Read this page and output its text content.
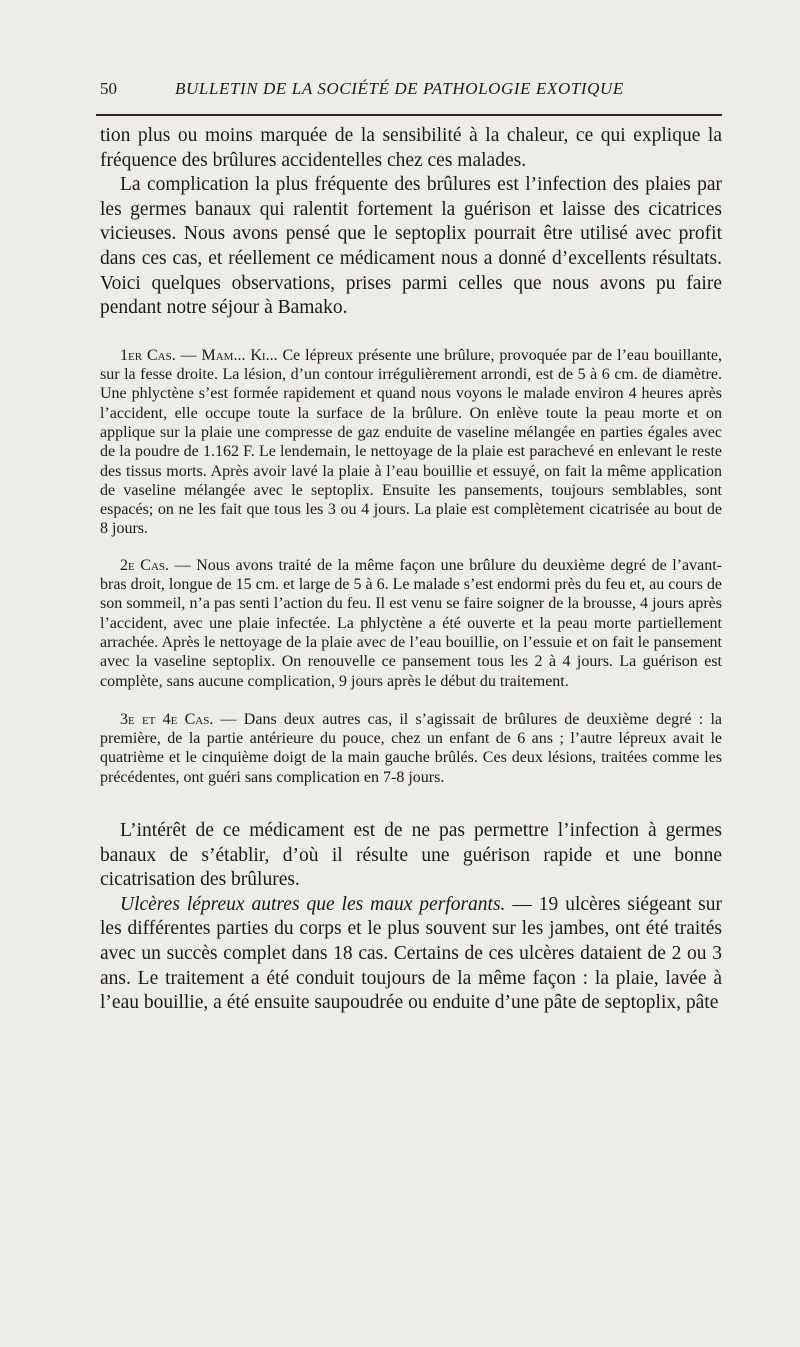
50	BULLETIN DE LA SOCIÉTÉ DE PATHOLOGIE EXOTIQUE

tion plus ou moins marquée de la sensibilité à la chaleur, ce qui explique la fréquence des brûlures accidentelles chez ces malades.

La complication la plus fréquente des brûlures est l’infection des plaies par les germes banaux qui ralentit fortement la guérison et laisse des cicatrices vicieuses. Nous avons pensé que le septoplix pourrait être utilisé avec profit dans ces cas, et réellement ce médicament nous a donné d’excellents résultats. Voici quelques observations, prises parmi celles que nous avons pu faire pendant notre séjour à Bamako.

1er Cas. — Mam... Ki... Ce lépreux présente une brûlure, provoquée par de l’eau bouillante, sur la fesse droite. La lésion, d’un contour irrégulièrement arrondi, est de 5 à 6 cm. de diamètre. Une phlyctène s’est formée rapidement et quand nous voyons le malade environ 4 heures après l’accident, elle occupe toute la surface de la brûlure. On enlève toute la peau morte et on applique sur la plaie une compresse de gaz enduite de vaseline mélangée en parties égales avec de la poudre de 1.162 F. Le lendemain, le nettoyage de la plaie est parachevé en enlevant le reste des tissus morts. Après avoir lavé la plaie à l’eau bouillie et essuyé, on fait la même application de vaseline mélangée avec le septoplix. Ensuite les pansements, toujours semblables, sont espacés; on ne les fait que tous les 3 ou 4 jours. La plaie est complètement cicatrisée au bout de 8 jours.

2e Cas. — Nous avons traité de la même façon une brûlure du deuxième degré de l’avant-bras droit, longue de 15 cm. et large de 5 à 6. Le malade s’est endormi près du feu et, au cours de son sommeil, n’a pas senti l’action du feu. Il est venu se faire soigner de la brousse, 4 jours après l’accident, avec une plaie infectée. La phlyctène a été ouverte et la peau morte partiellement arrachée. Après le nettoyage de la plaie avec de l’eau bouillie, on l’essuie et on fait le pansement avec la vaseline septoplix. On renouvelle ce pansement tous les 2 à 4 jours. La guérison est complète, sans aucune complication, 9 jours après le début du traitement.

3e et 4e Cas. — Dans deux autres cas, il s’agissait de brûlures de deuxième degré : la première, de la partie antérieure du pouce, chez un enfant de 6 ans ; l’autre lépreux avait le quatrième et le cinquième doigt de la main gauche brûlés. Ces deux lésions, traitées comme les précédentes, ont guéri sans complication en 7-8 jours.

L’intérêt de ce médicament est de ne pas permettre l’infection à germes banaux de s’établir, d’où il résulte une guérison rapide et une bonne cicatrisation des brûlures.

Ulcères lépreux autres que les maux perforants. — 19 ulcères siégeant sur les différentes parties du corps et le plus souvent sur les jambes, ont été traités avec un succès complet dans 18 cas. Certains de ces ulcères dataient de 2 ou 3 ans. Le traitement a été conduit toujours de la même façon : la plaie, lavée à l’eau bouillie, a été ensuite saupoudrée ou enduite d’une pâte de septoplix, pâte
